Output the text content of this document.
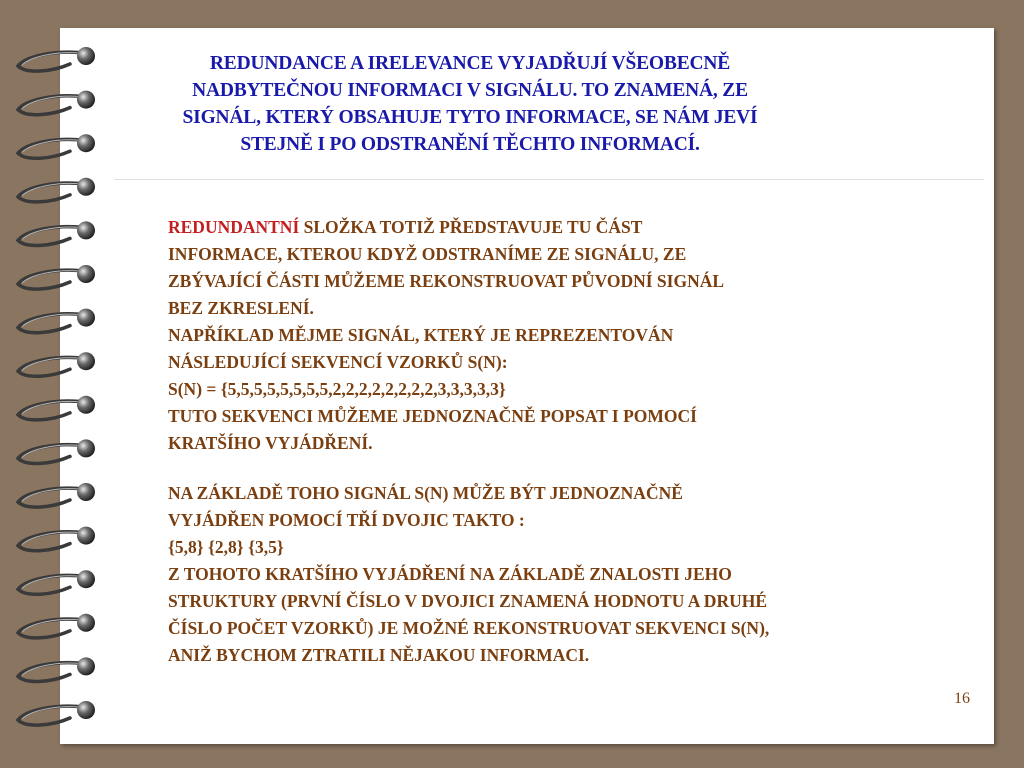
REDUNDANCE A IRELEVANCE VYJADŘUJÍ VŠEOBECNĚ
NADBYTEČNOU INFORMACI V SIGNÁLU. TO ZNAMENÁ, ZE
SIGNÁL, KTERÝ OBSAHUJE TYTO INFORMACE, SE NÁM JEVÍ
STEJNĚ I PO ODSTRANĚNÍ TĚCHTO INFORMACÍ.
REDUNDANTNÍ SLOŽKA TOTIŽ PŘEDSTAVUJE TU ČÁST
INFORMACE, KTEROU KDYŽ ODSTRANÍME ZE SIGNÁLU, ZE
ZBÝVAJÍCÍ ČÁSTI MŮŽEME REKONSTRUOVAT PŮVODNÍ SIGNÁL
BEZ ZKRESLENÍ.
NAPŘÍKLAD MĚJME SIGNÁL, KTERÝ JE REPREZENTOVÁN
NÁSLEDUJÍCÍ SEKVENCÍ VZORKŮ S(N):
S(N) = {5,5,5,5,5,5,5,5,2,2,2,2,2,2,2,2,3,3,3,3,3}
TUTO SEKVENCI MŮŽEME JEDNOZNAČNĚ POPSAT I POMOCÍ
KRATŠÍHO VYJÁDŘENÍ.
NA ZÁKLADĚ TOHO SIGNÁL S(N) MŮŽE BÝT JEDNOZNAČNĚ
VYJÁDŘEN POMOCÍ TŘÍ DVOJIC TAKTO :
{5,8} {2,8} {3,5}
Z TOHOTO KRATŠÍHO VYJÁDŘENÍ NA ZÁKLADĚ ZNALOSTI JEHO
STRUKTURY (PRVNÍ ČÍSLO V DVOJICI ZNAMENÁ HODNOTU A DRUHÉ
ČÍSLO POČET VZORKŮ) JE MOŽNÉ REKONSTRUOVAT SEKVENCI S(N),
ANIŽ BYCHOM ZTRATILI NĚJAKOU INFORMACI.
16
